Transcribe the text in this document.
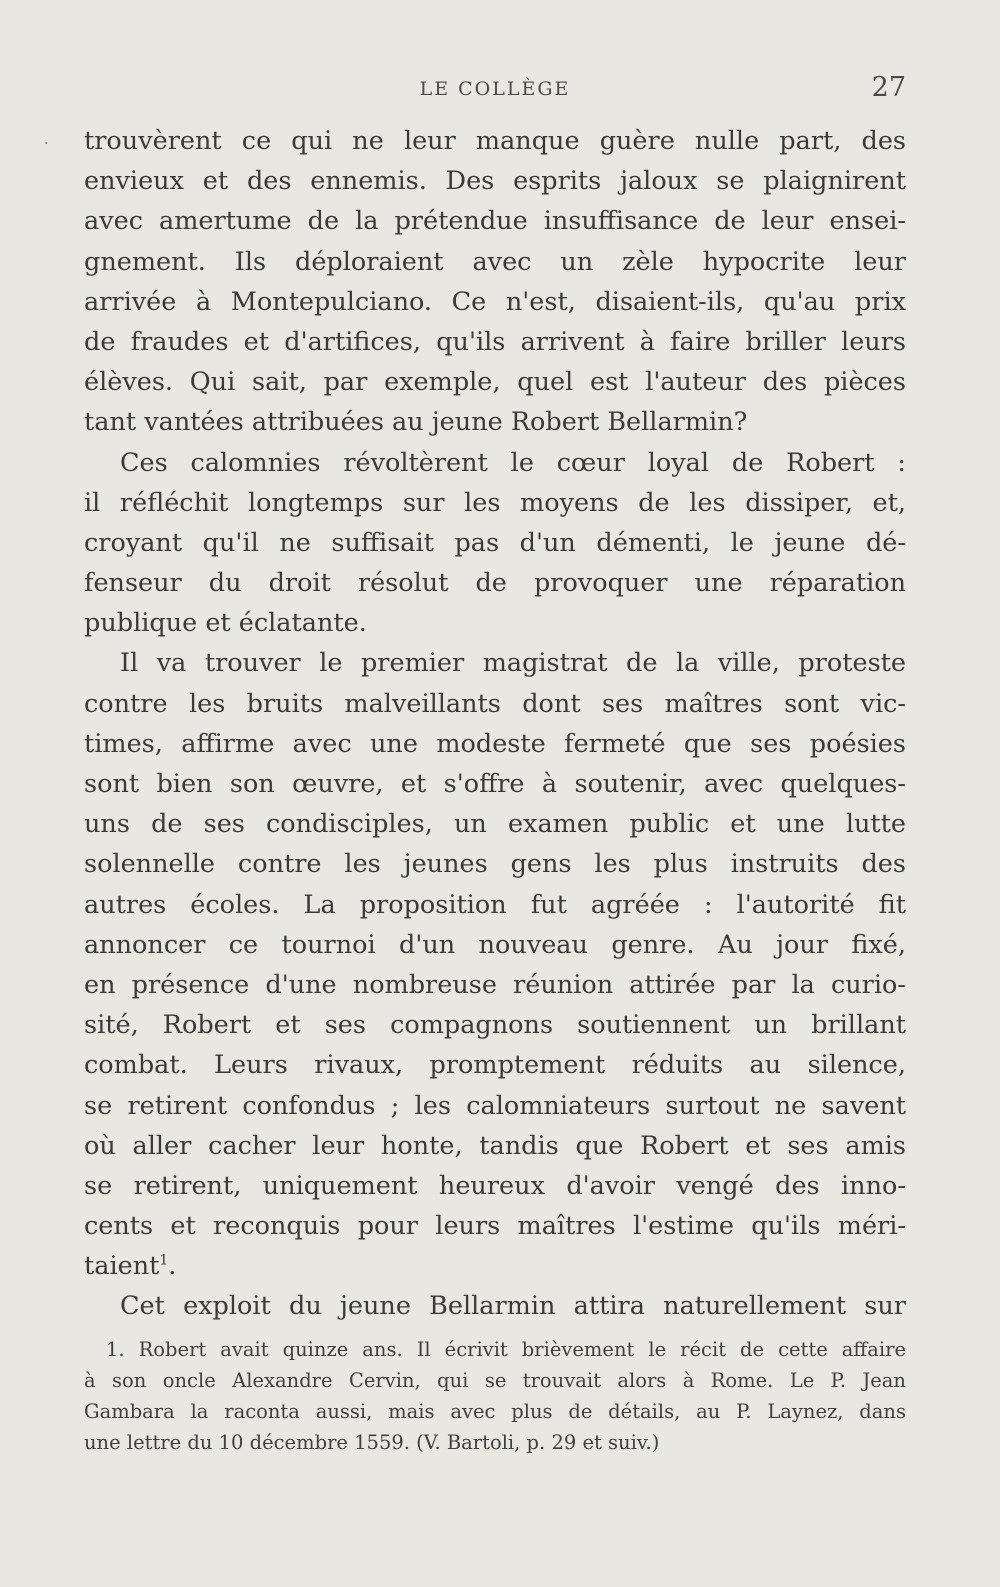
LE COLLÈGE	27
· trouvèrent ce qui ne leur manque guère nulle part, des
envieux et des ennemis. Des esprits jaloux se plaignirent
avec amertume de la prétendue insuffisance de leur ensei-
gnement. Ils déploraient avec un zèle hypocrite leur
arrivée à Montepulciano. Ce n'est, disaient-ils, qu'au prix
de fraudes et d'artifices, qu'ils arrivent à faire briller leurs
élèves. Qui sait, par exemple, quel est l'auteur des pièces
tant vantées attribuées au jeune Robert Bellarmin?
Ces calomnies révoltèrent le cœur loyal de Robert :
il réfléchit longtemps sur les moyens de les dissiper, et,
croyant qu'il ne suffisait pas d'un démenti, le jeune dé-
fenseur du droit résolut de provoquer une réparation
publique et éclatante.
Il va trouver le premier magistrat de la ville, proteste
contre les bruits malveillants dont ses maîtres sont vic-
times, affirme avec une modeste fermeté que ses poésies
sont bien son œuvre, et s'offre à soutenir, avec quelques-
uns de ses condisciples, un examen public et une lutte
solennelle contre les jeunes gens les plus instruits des
autres écoles. La proposition fut agréée : l'autorité fit
annoncer ce tournoi d'un nouveau genre. Au jour fixé,
en présence d'une nombreuse réunion attirée par la curio-
sité, Robert et ses compagnons soutiennent un brillant
combat. Leurs rivaux, promptement réduits au silence,
se retirent confondus ; les calomniateurs surtout ne savent
où aller cacher leur honte, tandis que Robert et ses amis
se retirent, uniquement heureux d'avoir vengé des inno-
cents et reconquis pour leurs maîtres l'estime qu'ils méri-
taient$^1$.
Cet exploit du jeune Bellarmin attira naturellement sur
1. Robert avait quinze ans. Il écrivit brièvement le récit de cette affaire
à son oncle Alexandre Cervin, qui se trouvait alors à Rome. Le P. Jean
Gambara la raconta aussi, mais avec plus de détails, au P. Laynez, dans
une lettre du 10 décembre 1559. (V. Bartoli, p. 29 et suiv.)
